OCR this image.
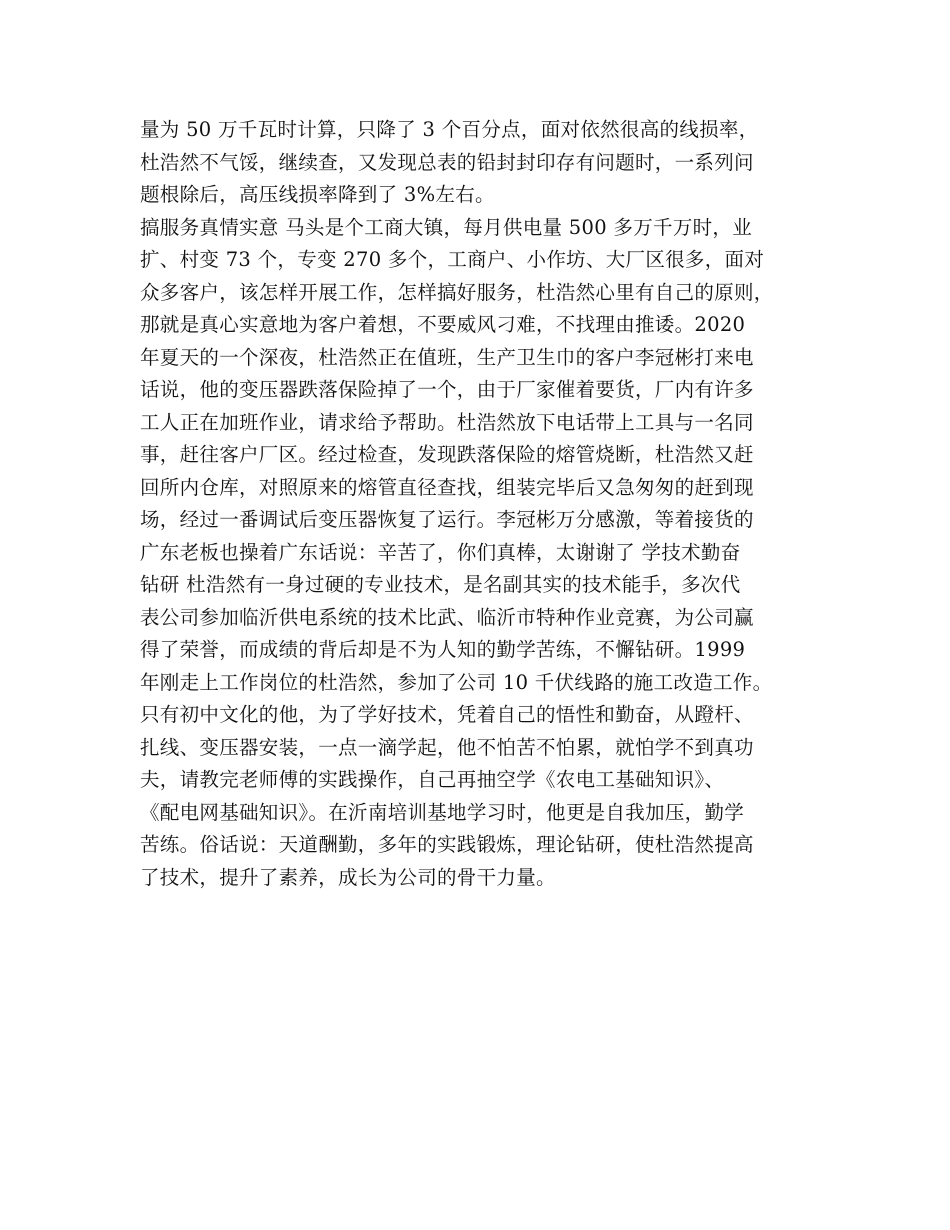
量为 50 万千瓦时计算，只降了 3 个百分点，面对依然很高的线损率，
杜浩然不气馁，继续查，又发现总表的铅封封印存有问题时，一系列问
题根除后，高压线损率降到了 3%左右。
搞服务真情实意 马头是个工商大镇，每月供电量 500 多万千万时，业
扩、村变 73 个，专变 270 多个，工商户、小作坊、大厂区很多，面对
众多客户，该怎样开展工作，怎样搞好服务，杜浩然心里有自己的原则，
那就是真心实意地为客户着想，不要威风刁难，不找理由推诿。2020
年夏天的一个深夜，杜浩然正在值班，生产卫生巾的客户李冠彬打来电
话说，他的变压器跌落保险掉了一个，由于厂家催着要货，厂内有许多
工人正在加班作业，请求给予帮助。杜浩然放下电话带上工具与一名同
事，赶往客户厂区。经过检查，发现跌落保险的熔管烧断，杜浩然又赶
回所内仓库，对照原来的熔管直径查找，组装完毕后又急匆匆的赶到现
场，经过一番调试后变压器恢复了运行。李冠彬万分感激，等着接货的
广东老板也操着广东话说：辛苦了，你们真棒，太谢谢了 学技术勤奋
钻研 杜浩然有一身过硬的专业技术，是名副其实的技术能手，多次代
表公司参加临沂供电系统的技术比武、临沂市特种作业竞赛，为公司赢
得了荣誉，而成绩的背后却是不为人知的勤学苦练，不懈钻研。1999
年刚走上工作岗位的杜浩然，参加了公司 10 千伏线路的施工改造工作。
只有初中文化的他，为了学好技术，凭着自己的悟性和勤奋，从蹬杆、
扎线、变压器安装，一点一滴学起，他不怕苦不怕累，就怕学不到真功
夫，请教完老师傅的实践操作，自己再抽空学《农电工基础知识》、
《配电网基础知识》。在沂南培训基地学习时，他更是自我加压，勤学
苦练。俗话说：天道酬勤，多年的实践锻炼，理论钻研，使杜浩然提高
了技术，提升了素养，成长为公司的骨干力量。
